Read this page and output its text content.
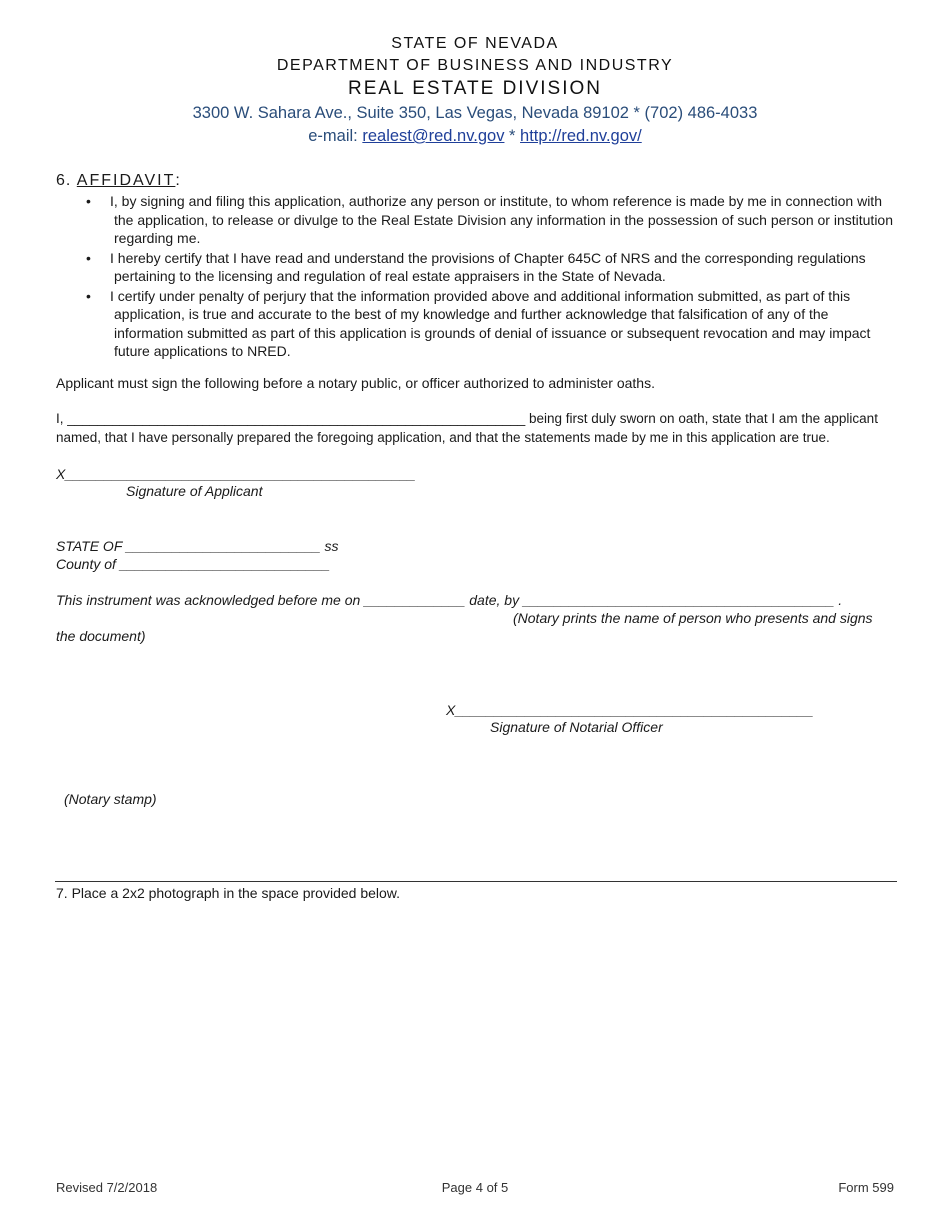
STATE OF NEVADA
DEPARTMENT OF BUSINESS AND INDUSTRY
REAL ESTATE DIVISION
3300 W. Sahara Ave., Suite 350, Las Vegas, Nevada 89102 * (702) 486-4033
e-mail: realest@red.nv.gov * http://red.nv.gov/
6. AFFIDAVIT:
• I, by signing and filing this application, authorize any person or institute, to whom reference is made by me in connection with the application, to release or divulge to the Real Estate Division any information in the possession of such person or institution regarding me.
• I hereby certify that I have read and understand the provisions of Chapter 645C of NRS and the corresponding regulations pertaining to the licensing and regulation of real estate appraisers in the State of Nevada.
• I certify under penalty of perjury that the information provided above and additional information submitted, as part of this application, is true and accurate to the best of my knowledge and further acknowledge that falsification of any of the information submitted as part of this application is grounds of denial of issuance or subsequent revocation and may impact future applications to NRED.
Applicant must sign the following before a notary public, or officer authorized to administer oaths.
I, _____________________________________________________________ being first duly sworn on oath, state that I am the applicant
named, that I have personally prepared the foregoing application, and that the statements made by me in this application are true.
X_____________________________________________
Signature of Applicant
STATE OF _________________________ ss
County of ___________________________
This instrument was acknowledged before me on _____________ date, by ________________________________________ .
(Notary prints the name of person who presents and signs
the document)
X______________________________________________
Signature of Notarial Officer
(Notary stamp)
7. Place a 2x2 photograph in the space provided below.
Revised 7/2/2018	Page 4 of 5	Form 599
